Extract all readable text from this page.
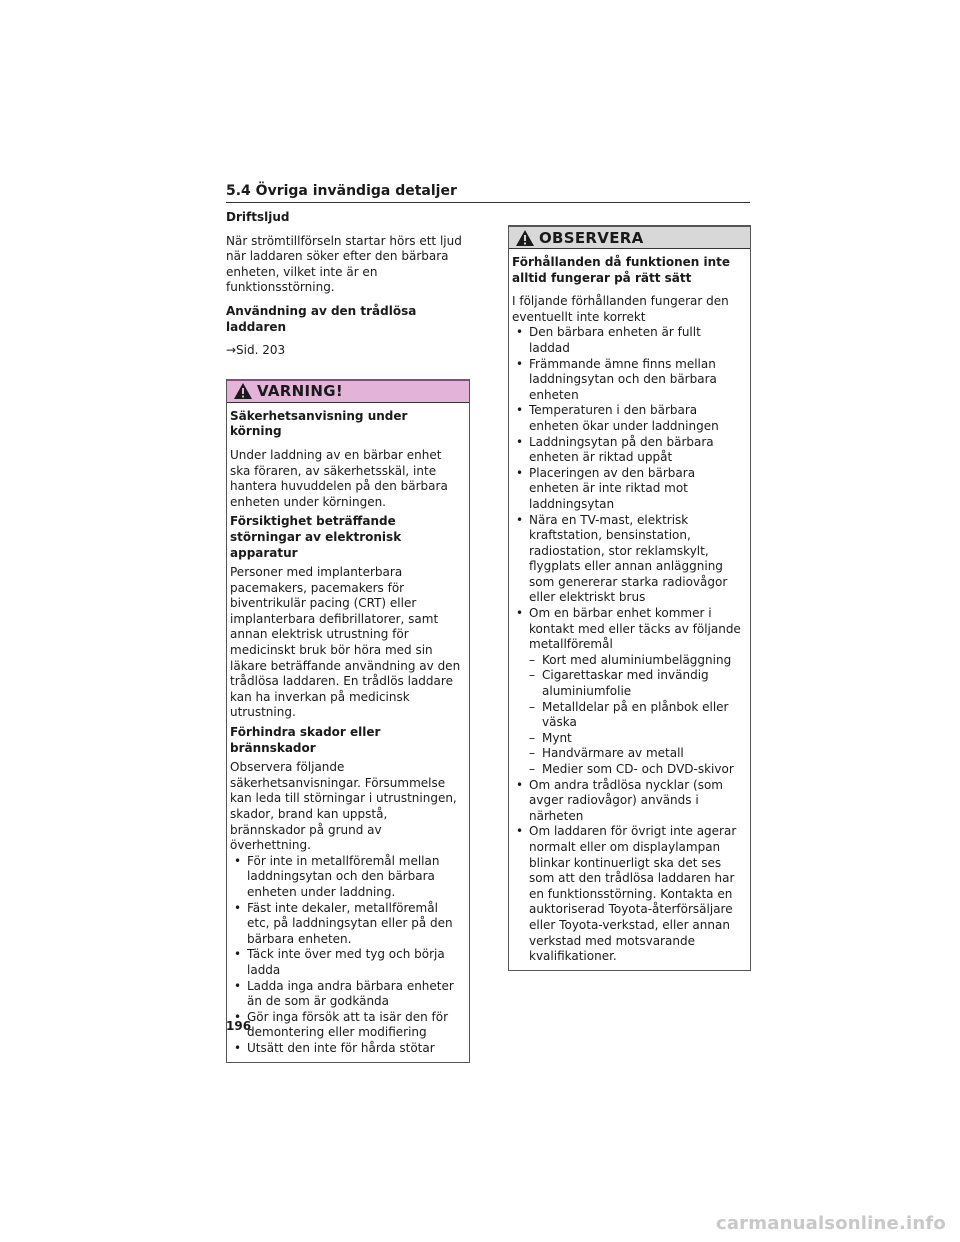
5.4 Övriga invändiga detaljer

Driftsljud

När strömtillförseln startar hörs ett ljud när laddaren söker efter den bärbara enheten, vilket inte är en funktionsstörning.

Användning av den trådlösa laddaren

→Sid. 203

VARNING!

Säkerhetsanvisning under körning

Under laddning av en bärbar enhet ska föraren, av säkerhetsskäl, inte hantera huvuddelen på den bärbara enheten under körningen.

Försiktighet beträffande störningar av elektronisk apparatur

Personer med implanterbara pacemakers, pacemakers för biventrikulär pacing (CRT) eller implanterbara defibrillatorer, samt annan elektrisk utrustning för medicinskt bruk bör höra med sin läkare beträffande användning av den trådlösa laddaren. En trådlös laddare kan ha inverkan på medicinsk utrustning.

Förhindra skador eller brännskador

Observera följande säkerhetsanvisningar. Försummelse kan leda till störningar i utrustningen, skador, brand kan uppstå, brännskador på grund av överhettning.

• För inte in metallföremål mellan laddningsytan och den bärbara enheten under laddning.
• Fäst inte dekaler, metallföremål etc, på laddningsytan eller på den bärbara enheten.
• Täck inte över med tyg och börja ladda
• Ladda inga andra bärbara enheter än de som är godkända
• Gör inga försök att ta isär den för demontering eller modifiering
• Utsätt den inte för hårda stötar
OBSERVERA

Förhållanden då funktionen inte alltid fungerar på rätt sätt

I följande förhållanden fungerar den eventuellt inte korrekt

• Den bärbara enheten är fullt laddad
• Främmande ämne finns mellan laddningsytan och den bärbara enheten
• Temperaturen i den bärbara enheten ökar under laddningen
• Laddningsytan på den bärbara enheten är riktad uppåt
• Placeringen av den bärbara enheten är inte riktad mot laddningsytan
• Nära en TV-mast, elektrisk kraftstation, bensinstation, radiostation, stor reklamskylt, flygplats eller annan anläggning som genererar starka radiovågor eller elektriskt brus
• Om en bärbar enhet kommer i kontakt med eller täcks av följande metallföremål
– Kort med aluminiumbeläggning
– Cigarettaskar med invändig aluminiumfolie
– Metalldelar på en plånbok eller väska
– Mynt
– Handvärmare av metall
– Medier som CD- och DVD-skivor
• Om andra trådlösa nycklar (som avger radiovågor) används i närheten
• Om laddaren för övrigt inte agerar normalt eller om displaylampan blinkar kontinuerligt ska det ses som att den trådlösa laddaren har en funktionsstörning. Kontakta en auktoriserad Toyota-återförsäljare eller Toyota-verkstad, eller annan verkstad med motsvarande kvalifikationer.
196
carmanualsonline.info
